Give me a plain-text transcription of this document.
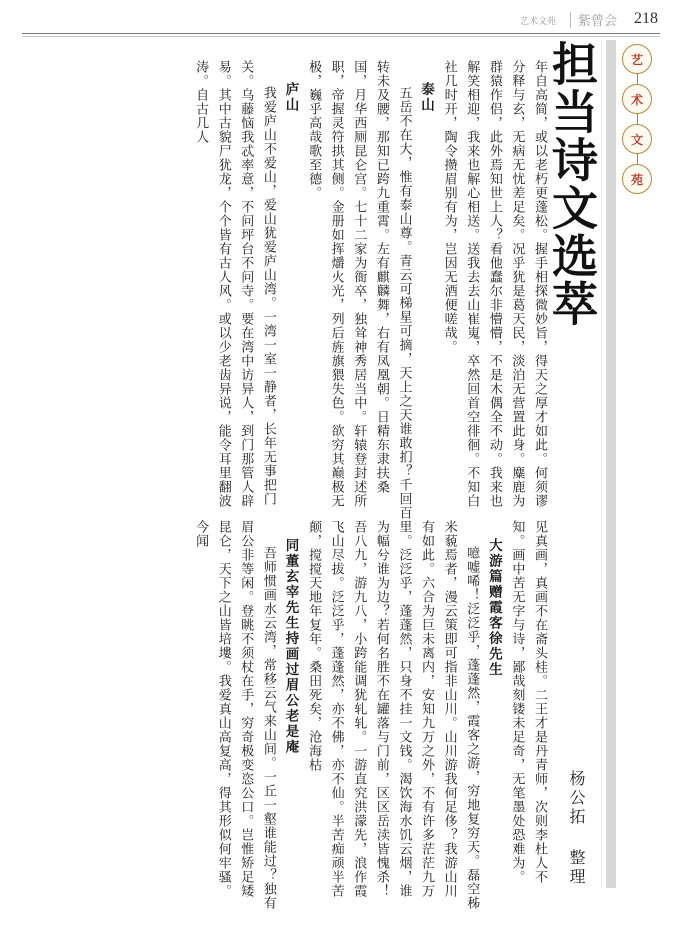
艺术文苑 紫曾会 218

年自高简，或以老朽更蓬松。握手相探微妙旨，得天之厚才如此。何须谬分释与玄，无病无忧差足矣。况乎犹是葛天民，淡泊无营置此身。麋鹿为群猿作侣，此外焉知世上人？看他蠢尔非懵懵，不是木偶全不动。我来也解笑相迎，我来也解心相送。送我去去山崔嵬，卒然回首空徘徊。不知白社几时开，陶令攒眉别有为，岂因无酒便嗟哉。

泰山

五岳不在大，惟有泰山尊。青云可梯星可摘，天上之天谁敢扪？千回百转未及腰，那知已跨九重霄。左有麒麟舞，右有凤凰朝。日精东隶扶桑国，月华西厕昆仑宫。七十二家为衙卒，独耸神秀居当中。轩辕登封述所职，帝握灵符拱其侧。金册如挥爝火光，列后旌旗猥失色。欲穷其巅极无极，巍乎高哉歌至德。

庐山

我爱庐山不爱山，爱山犹爱庐山湾。一湾一室一静者，长年无事把门关。乌藤恼我忒率意，不问坪台不问寺。要在湾中访异人，到门那管人辟易。其中古貌尸犹龙，个个皆有古人风。或以少老齿异说，能令耳里翻波涛。自古几人

见真画，真画不在斋头桂。二王才是丹青师，次则李杜人不知。画中苦无字与诗，鄙哉刻镂未足奇，无笔墨处恐难为。

大游篇赠霞客徐先生

噫嘘唏！泛泛乎，蓬蓬然，霞客之游，穷地复穷天。磊空秭米藐焉者，漫云策即可指非山川。山川游我何足侈？我游山川有如此。六合为巨未离内，安知九万之外，不有许多茫茫九万里。泛泛乎，蓬蓬然，只身不挂一文钱。渴饮海水饥云烟，谁为幅兮谁为边？若何名胜不在罐落与门前，区区岳渎皆愧杀！吾八九，游九八，小跨能调犹轧轧。一游直究洪濛先，浪作霞飞山尽拔。泛泛乎，蓬蓬然，亦不佛，亦不仙。半苦痴顽半苦颠，搅搅天地年复年。桑田死矣，沧海枯

同董玄宰先生持画过眉公老是庵

吾师惯画水云湾，常移云气来山间。一丘一壑谁能过？独有眉公非等闲。登眺不须杖在手，穷奇极变恣公口。岂惟矫足矮昆仑，天下之山皆培塿。我爱真山高复高，得其形似何牢骚。今闻

担当诗文选萃
杨公拓 整理
艺
术
文
苑
